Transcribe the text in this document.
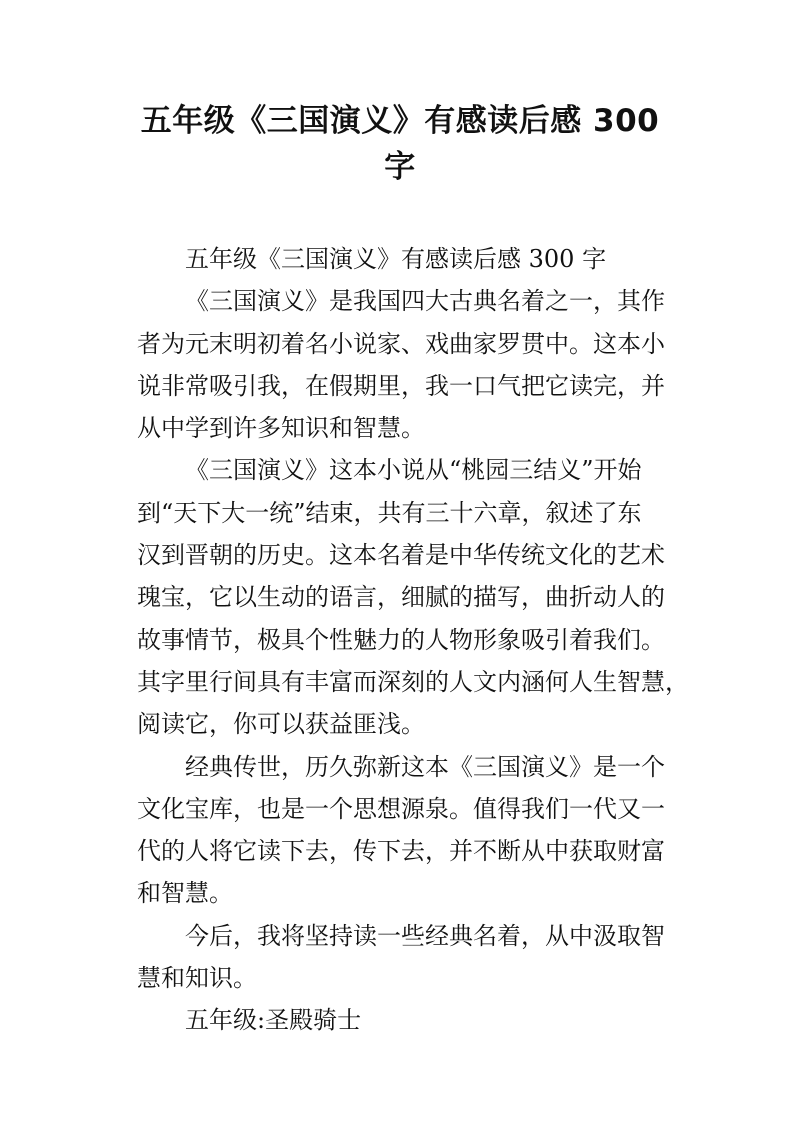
五年级《三国演义》有感读后感 300
字
五年级《三国演义》有感读后感 300 字
《三国演义》是我国四大古典名着之一，其作
者为元末明初着名小说家、戏曲家罗贯中。这本小
说非常吸引我，在假期里，我一口气把它读完，并
从中学到许多知识和智慧。
《三国演义》这本小说从“桃园三结义”开始
到“天下大一统”结束，共有三十六章，叙述了东
汉到晋朝的历史。这本名着是中华传统文化的艺术
瑰宝，它以生动的语言，细腻的描写，曲折动人的
故事情节，极具个性魅力的人物形象吸引着我们。
其字里行间具有丰富而深刻的人文内涵何人生智慧，
阅读它，你可以获益匪浅。
经典传世，历久弥新这本《三国演义》是一个
文化宝库，也是一个思想源泉。值得我们一代又一
代的人将它读下去，传下去，并不断从中获取财富
和智慧。
今后，我将坚持读一些经典名着，从中汲取智
慧和知识。
五年级:圣殿骑士
